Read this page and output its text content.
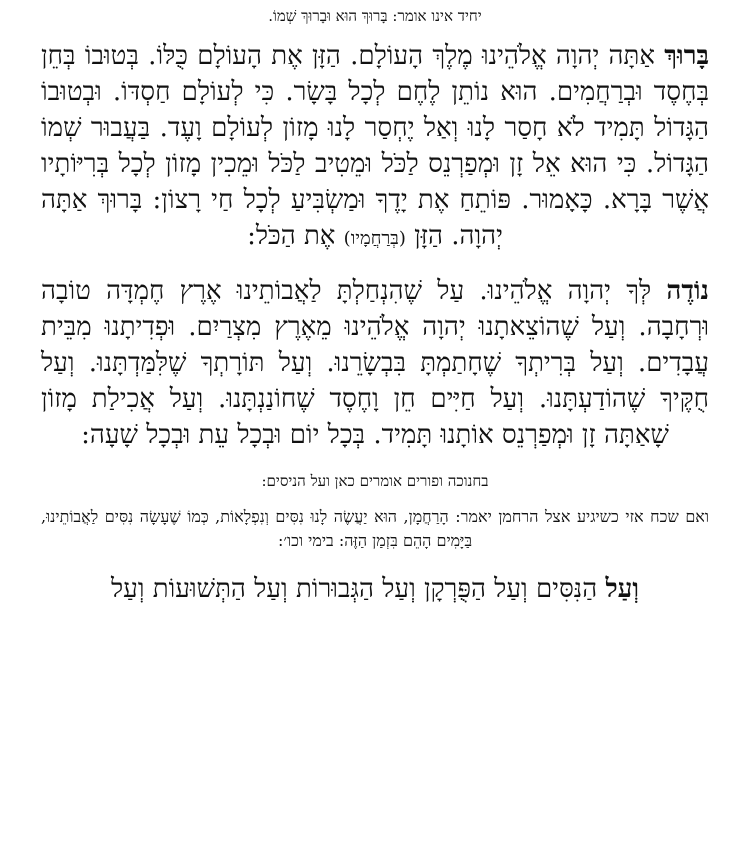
יחיד אינו אומר: בָּרוּךְ הוּא וּבָרוּךְ שְׁמוֹ.

בָּרוּךְ אַתָּה יְהוָה אֱלֹהֵינוּ מֶלֶךְ הָעוֹלָם. הַזָּן אֶת הָעוֹלָם כֻּלּוֹ. בְּטוּבוֹ בְּחֵן בְּחֶסֶד וּבְרַחֲמִים. הוּא נוֹתֵן לֶחֶם לְכָל בָּשָׂר. כִּי לְעוֹלָם חַסְדּוֹ. וּבְטוּבוֹ הַגָּדוֹל תָּמִיד לֹא חָסַר לָנוּ וְאַל יֶחְסַר לָנוּ מָזוֹן לְעוֹלָם וָעֶד. בַּעֲבוּר שְׁמוֹ הַגָּדוֹל. כִּי הוּא אֵל זָן וּמְפַרְנֵס לַכֹּל וּמֵטִיב לַכֹּל וּמֵכִין מָזוֹן לְכָל בְּרִיּוֹתָיו אֲשֶׁר בָּרָא. כָּאָמוּר. פּוֹתֵחַ אֶת יָדֶךָ וּמַשְׂבִּיעַ לְכָל חַי רָצוֹן: בָּרוּךְ אַתָּה יְהוָה. הַזָּן (בְּרַחֲמָיו) אֶת הַכֹּל:

נוֹדֶה לְּךָ יְהוָה אֱלֹהֵינוּ. עַל שֶׁהִנְחַלְתָּ לַאֲבוֹתֵינוּ אֶרֶץ חֶמְדָּה טוֹבָה וּרְחָבָה. וְעַל שֶׁהוֹצֵאתָנוּ יְהוָה אֱלֹהֵינוּ מֵאֶרֶץ מִצְרַיִם. וּפְדִיתָנוּ מִבֵּית עֲבָדִים. וְעַל בְּרִיתְךָ שֶׁחָתַמְתָּ בִּבְשָׂרֵנוּ. וְעַל תּוֹרָתְךָ שֶׁלִּמַּדְתָּנוּ. וְעַל חֻקֶּיךָ שֶׁהוֹדַעְתָּנוּ. וְעַל חַיִּים חֵן וָחֶסֶד שֶׁחוֹנַנְתָּנוּ. וְעַל אֲכִילַת מָזוֹן שָׁאַתָּה זָן וּמְפַרְנֵס אוֹתָנוּ תָּמִיד. בְּכָל יוֹם וּבְכָל עֵת וּבְכָל שָׁעָה:

בחנוכה ופורים אומרים כאן ועל הניסים:

ואם שכח אזי כשיגיע אצל הרחמן יאמר: הָרַחֲמָן, הוּא יַעֲשֶׂה לָנוּ נִסִּים וְנִפְלָאוֹת, כְּמוֹ שֶׁעָשָׂה נִסִּים לַאֲבוֹתֵינוּ, בַּיָּמִים הָהֵם בִּזְמַן הַזֶּה: בימי וכו׳:

וְעַל הַנִּסִּים וְעַל הַפֻּרְקָן וְעַל הַגְּבוּרוֹת וְעַל הַתְּשׁוּעוֹת וְעַל
